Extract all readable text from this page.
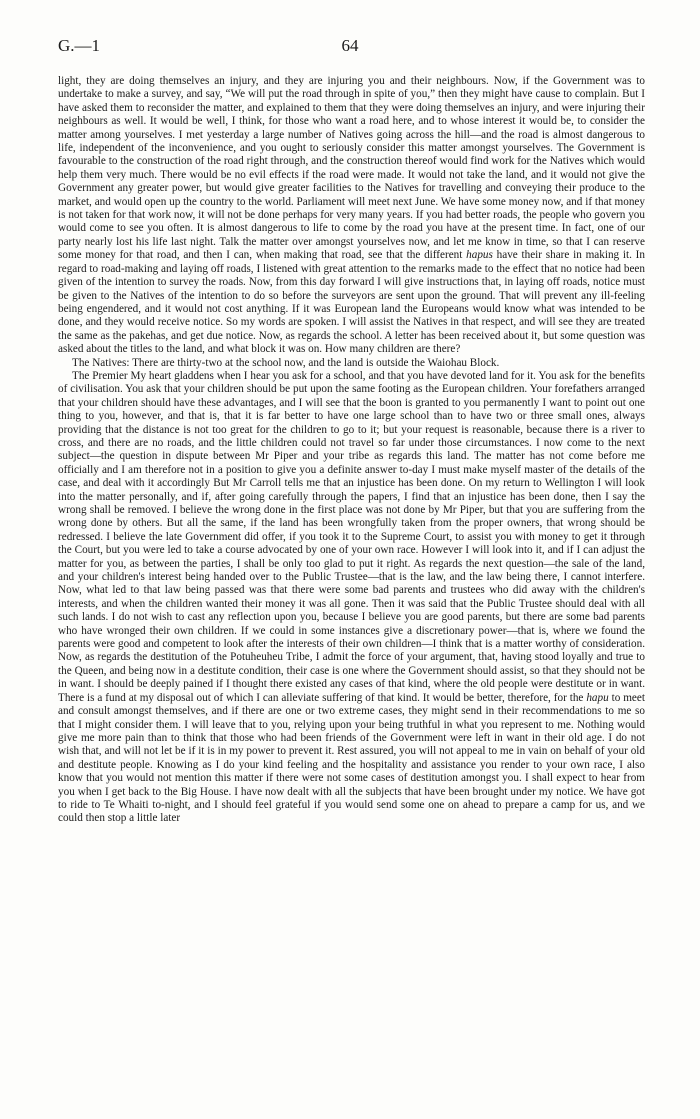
G.—1	64

light, they are doing themselves an injury, and they are injuring you and their neighbours. Now, if the Government was to undertake to make a survey, and say, “We will put the road through in spite of you,” then they might have cause to complain. But I have asked them to reconsider the matter, and explained to them that they were doing themselves an injury, and were injuring their neighbours as well. It would be well, I think, for those who want a road here, and to whose interest it would be, to consider the matter among yourselves. I met yesterday a large number of Natives going across the hill—and the road is almost dangerous to life, independent of the inconvenience, and you ought to seriously consider this matter amongst yourselves. The Government is favourable to the construction of the road right through, and the construction thereof would find work for the Natives which would help them very much. There would be no evil effects if the road were made. It would not take the land, and it would not give the Government any greater power, but would give greater facilities to the Natives for travelling and conveying their produce to the market, and would open up the country to the world. Parliament will meet next June. We have some money now, and if that money is not taken for that work now, it will not be done perhaps for very many years. If you had better roads, the people who govern you would come to see you often. It is almost dangerous to life to come by the road you have at the present time. In fact, one of our party nearly lost his life last night. Talk the matter over amongst yourselves now, and let me know in time, so that I can reserve some money for that road, and then I can, when making that road, see that the different hapus have their share in making it. In regard to road-making and laying off roads, I listened with great attention to the remarks made to the effect that no notice had been given of the intention to survey the roads. Now, from this day forward I will give instructions that, in laying off roads, notice must be given to the Natives of the intention to do so before the surveyors are sent upon the ground. That will prevent any ill-feeling being engendered, and it would not cost anything. If it was European land the Europeans would know what was intended to be done, and they would receive notice. So my words are spoken. I will assist the Natives in that respect, and will see they are treated the same as the pakehas, and get due notice. Now, as regards the school. A letter has been received about it, but some question was asked about the titles to the land, and what block it was on. How many children are there?

The Natives: There are thirty-two at the school now, and the land is outside the Waiohau Block.

The Premier My heart gladdens when I hear you ask for a school, and that you have devoted land for it. You ask for the benefits of civilisation. You ask that your children should be put upon the same footing as the European children. Your forefathers arranged that your children should have these advantages, and I will see that the boon is granted to you permanently I want to point out one thing to you, however, and that is, that it is far better to have one large school than to have two or three small ones, always providing that the distance is not too great for the children to go to it; but your request is reasonable, because there is a river to cross, and there are no roads, and the little children could not travel so far under those circumstances. I now come to the next subject—the question in dispute between Mr Piper and your tribe as regards this land. The matter has not come before me officially and I am therefore not in a position to give you a definite answer to-day I must make myself master of the details of the case, and deal with it accordingly But Mr Carroll tells me that an injustice has been done. On my return to Wellington I will look into the matter personally, and if, after going carefully through the papers, I find that an injustice has been done, then I say the wrong shall be removed. I believe the wrong done in the first place was not done by Mr Piper, but that you are suffering from the wrong done by others. But all the same, if the land has been wrongfully taken from the proper owners, that wrong should be redressed. I believe the late Government did offer, if you took it to the Supreme Court, to assist you with money to get it through the Court, but you were led to take a course advocated by one of your own race. However I will look into it, and if I can adjust the matter for you, as between the parties, I shall be only too glad to put it right. As regards the next question—the sale of the land, and your children's interest being handed over to the Public Trustee—that is the law, and the law being there, I cannot interfere. Now, what led to that law being passed was that there were some bad parents and trustees who did away with the children's interests, and when the children wanted their money it was all gone. Then it was said that the Public Trustee should deal with all such lands. I do not wish to cast any reflection upon you, because I believe you are good parents, but there are some bad parents who have wronged their own children. If we could in some instances give a discretionary power—that is, where we found the parents were good and competent to look after the interests of their own children—I think that is a matter worthy of consideration. Now, as regards the destitution of the Potuheuheu Tribe, I admit the force of your argument, that, having stood loyally and true to the Queen, and being now in a destitute condition, their case is one where the Government should assist, so that they should not be in want. I should be deeply pained if I thought there existed any cases of that kind, where the old people were destitute or in want. There is a fund at my disposal out of which I can alleviate suffering of that kind. It would be better, therefore, for the hapu to meet and consult amongst themselves, and if there are one or two extreme cases, they might send in their recommendations to me so that I might consider them. I will leave that to you, relying upon your being truthful in what you represent to me. Nothing would give me more pain than to think that those who had been friends of the Government were left in want in their old age. I do not wish that, and will not let be if it is in my power to prevent it. Rest assured, you will not appeal to me in vain on behalf of your old and destitute people. Knowing as I do your kind feeling and the hospitality and assistance you render to your own race, I also know that you would not mention this matter if there were not some cases of destitution amongst you. I shall expect to hear from you when I get back to the Big House. I have now dealt with all the subjects that have been brought under my notice. We have got to ride to Te Whaiti to-night, and I should feel grateful if you would send some one on ahead to prepare a camp for us, and we could then stop a little later
